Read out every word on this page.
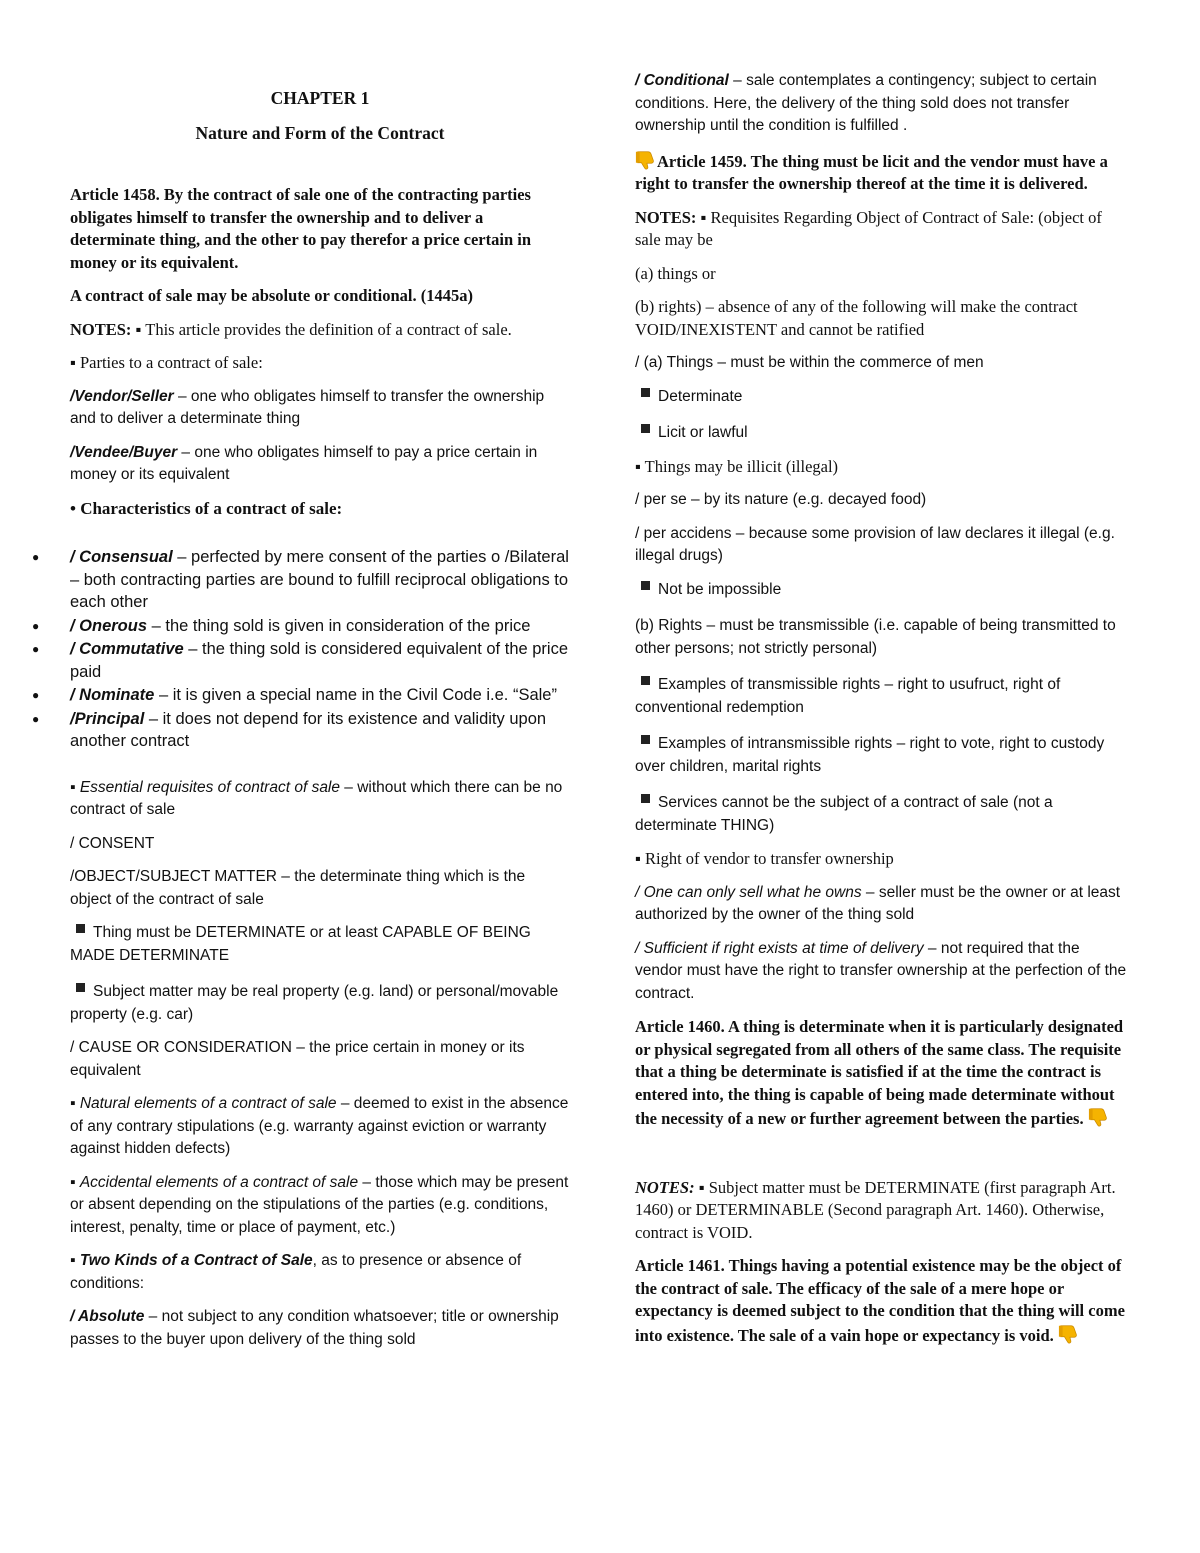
CHAPTER 1
Nature and Form of the Contract

Article 1458. By the contract of sale one of the contracting parties obligates himself to transfer the ownership and to deliver a determinate thing, and the other to pay therefor a price certain in money or its equivalent.

A contract of sale may be absolute or conditional. (1445a)

NOTES: ▪ This article provides the definition of a contract of sale.

▪ Parties to a contract of sale:

/Vendor/Seller – one who obligates himself to transfer the ownership and to deliver a determinate thing

/Vendee/Buyer – one who obligates himself to pay a price certain in money or its equivalent

• Characteristics of a contract of sale:

● / Consensual – perfected by mere consent of the parties o /Bilateral – both contracting parties are bound to fulfill reciprocal obligations to each other
● / Onerous – the thing sold is given in consideration of the price
● / Commutative – the thing sold is considered equivalent of the price paid
● / Nominate – it is given a special name in the Civil Code i.e. “Sale”
● /Principal – it does not depend for its existence and validity upon another contract

▪ Essential requisites of contract of sale – without which there can be no contract of sale

/ CONSENT

/OBJECT/SUBJECT MATTER – the determinate thing which is the object of the contract of sale

Thing must be DETERMINATE or at least CAPABLE OF BEING MADE DETERMINATE

Subject matter may be real property (e.g. land) or personal/movable property (e.g. car)

/ CAUSE OR CONSIDERATION – the price certain in money or its equivalent

▪ Natural elements of a contract of sale – deemed to exist in the absence of any contrary stipulations (e.g. warranty against eviction or warranty against hidden defects)

▪ Accidental elements of a contract of sale – those which may be present or absent depending on the stipulations of the parties (e.g. conditions, interest, penalty, time or place of payment, etc.)

▪ Two Kinds of a Contract of Sale, as to presence or absence of conditions:

/ Absolute – not subject to any condition whatsoever; title or ownership passes to the buyer upon delivery of the thing sold

/ Conditional – sale contemplates a contingency; subject to certain conditions. Here, the delivery of the thing sold does not transfer ownership until the condition is fulfilled .

Article 1459. The thing must be licit and the vendor must have a right to transfer the ownership thereof at the time it is delivered.

NOTES: ▪ Requisites Regarding Object of Contract of Sale: (object of sale may be

(a) things or

(b) rights) – absence of any of the following will make the contract VOID/INEXISTENT and cannot be ratified

/ (a) Things – must be within the commerce of men

Determinate

Licit or lawful

▪ Things may be illicit (illegal)

/ per se – by its nature (e.g. decayed food)

/ per accidens – because some provision of law declares it illegal (e.g. illegal drugs)

Not be impossible

(b) Rights – must be transmissible (i.e. capable of being transmitted to other persons; not strictly personal)

Examples of transmissible rights – right to usufruct, right of conventional redemption

Examples of intransmissible rights – right to vote, right to custody over children, marital rights

Services cannot be the subject of a contract of sale (not a determinate THING)

▪ Right of vendor to transfer ownership

/ One can only sell what he owns – seller must be the owner or at least authorized by the owner of the thing sold

/ Sufficient if right exists at time of delivery – not required that the vendor must have the right to transfer ownership at the perfection of the contract.

Article 1460. A thing is determinate when it is particularly designated or physical segregated from all others of the same class. The requisite that a thing be determinate is satisfied if at the time the contract is entered into, the thing is capable of being made determinate without the necessity of a new or further agreement between the parties.

NOTES: ▪ Subject matter must be DETERMINATE (first paragraph Art. 1460) or DETERMINABLE (Second paragraph Art. 1460). Otherwise, contract is VOID.

Article 1461. Things having a potential existence may be the object of the contract of sale. The efficacy of the sale of a mere hope or expectancy is deemed subject to the condition that the thing will come into existence. The sale of a vain hope or expectancy is void.
